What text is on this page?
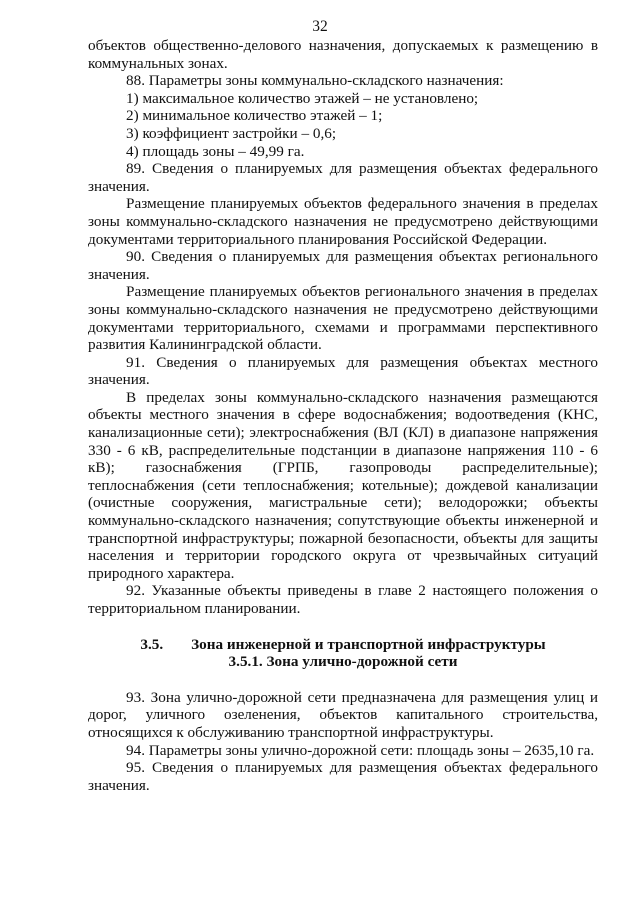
32

объектов общественно-делового назначения, допускаемых к размещению в коммунальных зонах.

88. Параметры зоны коммунально-складского назначения:

1) максимальное количество этажей – не установлено;

2) минимальное количество этажей – 1;

3) коэффициент застройки – 0,6;

4) площадь зоны – 49,99 га.

89. Сведения о планируемых для размещения объектах федерального значения.

Размещение планируемых объектов федерального значения в пределах зоны коммунально-складского назначения не предусмотрено действующими документами территориального планирования Российской Федерации.

90. Сведения о планируемых для размещения объектах регионального значения.

Размещение планируемых объектов регионального значения в пределах зоны коммунально-складского назначения не предусмотрено действующими документами территориального, схемами и программами перспективного развития Калининградской области.

91. Сведения о планируемых для размещения объектах местного значения.

В пределах зоны коммунально-складского назначения размещаются объекты местного значения в сфере водоснабжения; водоотведения (КНС, канализационные сети); электроснабжения (ВЛ (КЛ) в диапазоне напряжения 330 - 6 кВ, распределительные подстанции в диапазоне напряжения 110 - 6 кВ); газоснабжения (ГРПБ, газопроводы распределительные); теплоснабжения (сети теплоснабжения; котельные); дождевой канализации (очистные сооружения, магистральные сети); велодорожки; объекты коммунально-складского назначения; сопутствующие объекты инженерной и транспортной инфраструктуры; пожарной безопасности, объекты для защиты населения и территории городского округа от чрезвычайных ситуаций природного характера.

92. Указанные объекты приведены в главе 2 настоящего положения о территориальном планировании.

3.5. Зона инженерной и транспортной инфраструктуры
3.5.1. Зона улично-дорожной сети

93. Зона улично-дорожной сети предназначена для размещения улиц и дорог, уличного озеленения, объектов капитального строительства, относящихся к обслуживанию транспортной инфраструктуры.

94. Параметры зоны улично-дорожной сети: площадь зоны – 2635,10 га.

95. Сведения о планируемых для размещения объектах федерального значения.
